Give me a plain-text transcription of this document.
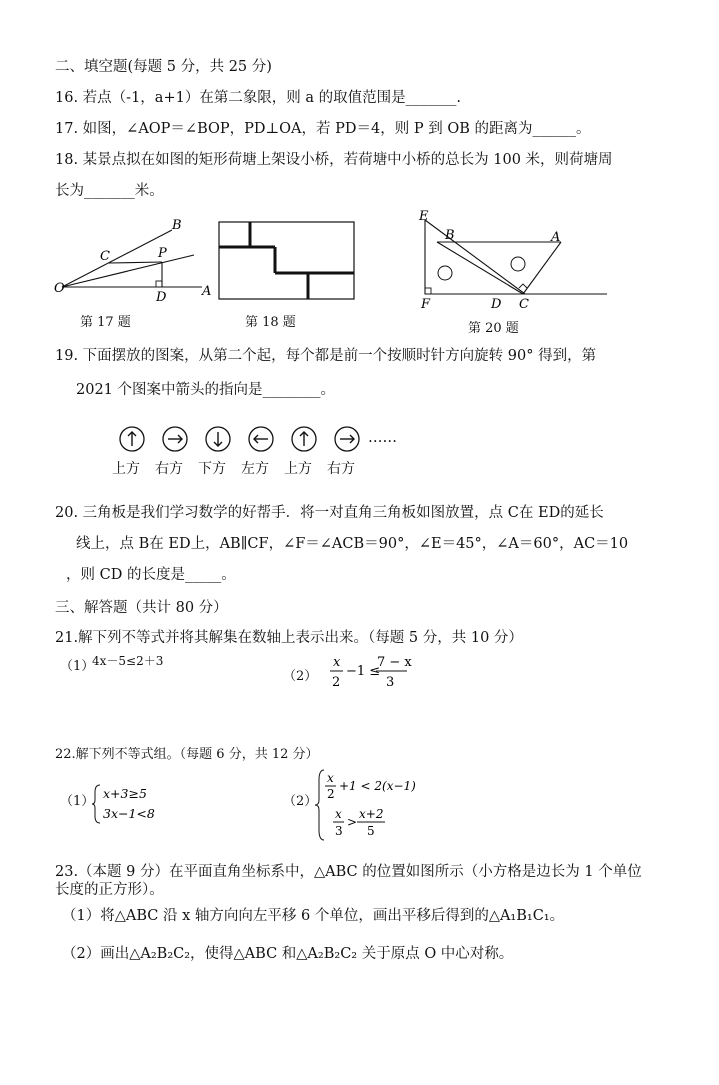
二、填空题(每题 5 分，共 25 分)
16. 若点（-1，a+1）在第二象限，则 a 的取值范围是_______.
17. 如图，∠AOP＝∠BOP，PD⊥OA，若 PD＝4，则 P 到 OB 的距离为______。
18. 某景点拟在如图的矩形荷塘上架设小桥，若荷塘中小桥的总长为 100 米，则荷塘周
长为_______米。
B
C	P
O
D	A
第 17 题	第 18 题
E
B	A
F	D C
第 20 题
19. 下面摆放的图案，从第二个起，每个都是前一个按顺时针方向旋转 90° 得到，第
2021 个图案中箭头的指向是________。
上方 右方 下方 左方 上方 右方
……
20. 三角板是我们学习数学的好帮手．将一对直角三角板如图放置，点 C在 ED的延长
线上，点 B在 ED上，AB∥CF，∠F＝∠ACB＝90°，∠E＝45°，∠A＝60°，AC＝10
，则 CD 的长度是_____。
三、解答题（共计 80 分）
21.解下列不等式并将其解集在数轴上表示出来。（每题 5 分，共 10 分）
（1）
4x－5≤2＋3
（2）
x
2
−1 ≤
7 − x
3
22.解下列不等式组。（每题 6 分，共 12 分）
（1）
x+3≥5
3x−1<8
（2）
x
2
+1 < 2(x−1)
x
3
>
x+2
5
23.（本题 9 分）在平面直角坐标系中，△ABC 的位置如图所示（小方格是边长为 1 个单位
长度的正方形）。
（1）将△ABC 沿 x 轴方向向左平移 6 个单位，画出平移后得到的△A₁B₁C₁。
（2）画出△A₂B₂C₂，使得△ABC 和△A₂B₂C₂ 关于原点 O 中心对称。
